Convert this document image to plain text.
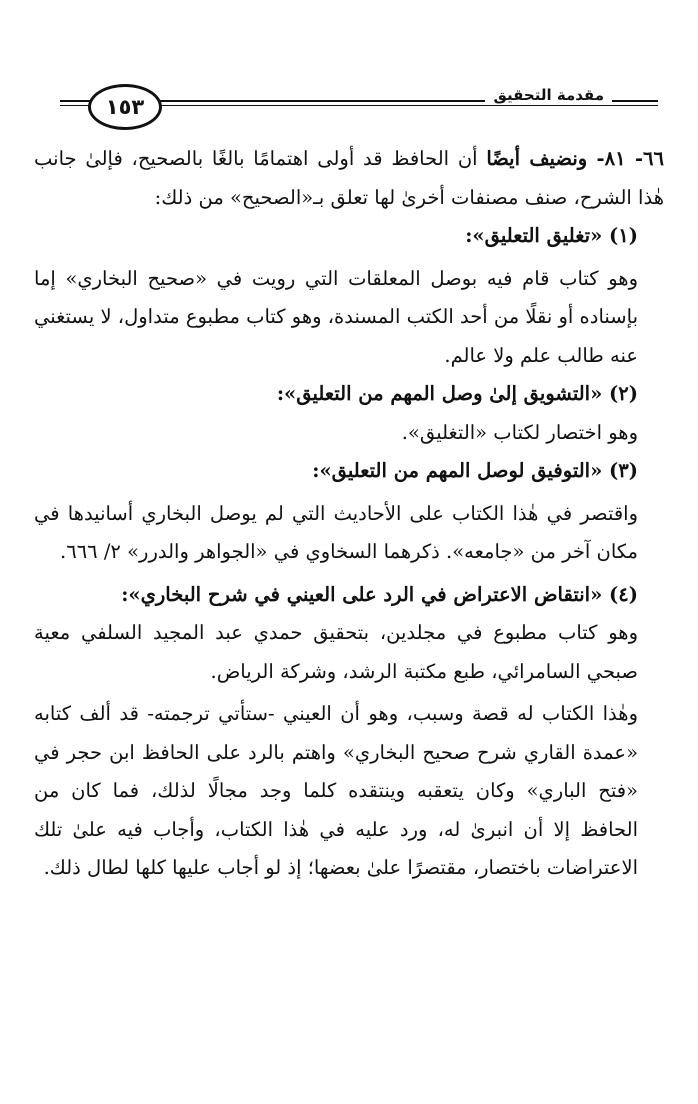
١٥٣	مقدمة التحقيق

٦٦- ٨١- ونضيف أيضًا أن الحافظ قد أولى اهتمامًا بالغًا بالصحيح، فإلىٰ جانب هٰذا الشرح، صنف مصنفات أخرىٰ لها تعلق بـ«الصحيح» من ذلك:

(١) «تغليق التعليق»:

وهو كتاب قام فيه بوصل المعلقات التي رويت في «صحيح البخاري» إما بإسناده أو نقلًا من أحد الكتب المسندة، وهو كتاب مطبوع متداول، لا يستغني عنه طالب علم ولا عالم.

(٢) «التشويق إلىٰ وصل المهم من التعليق»:

وهو اختصار لكتاب «التغليق».

(٣) «التوفيق لوصل المهم من التعليق»:

واقتصر في هٰذا الكتاب على الأحاديث التي لم يوصل البخاري أسانيدها في مكان آخر من «جامعه». ذكرهما السخاوي في «الجواهر والدرر» ٢/ ٦٦٦.

(٤) «انتقاض الاعتراض في الرد على العيني في شرح البخاري»:

وهو كتاب مطبوع في مجلدين، بتحقيق حمدي عبد المجيد السلفي معية صبحي السامرائي، طبع مكتبة الرشد، وشركة الرياض.

وهٰذا الكتاب له قصة وسبب، وهو أن العيني -ستأتي ترجمته- قد ألف كتابه «عمدة القاري شرح صحيح البخاري» واهتم بالرد على الحافظ ابن حجر في «فتح الباري» وكان يتعقبه وينتقده كلما وجد مجالًا لذلك، فما كان من الحافظ إلا أن انبرىٰ له، ورد عليه في هٰذا الكتاب، وأجاب فيه علىٰ تلك الاعتراضات باختصار، مقتصرًا علىٰ بعضها؛ إذ لو أجاب عليها كلها لطال ذلك.
